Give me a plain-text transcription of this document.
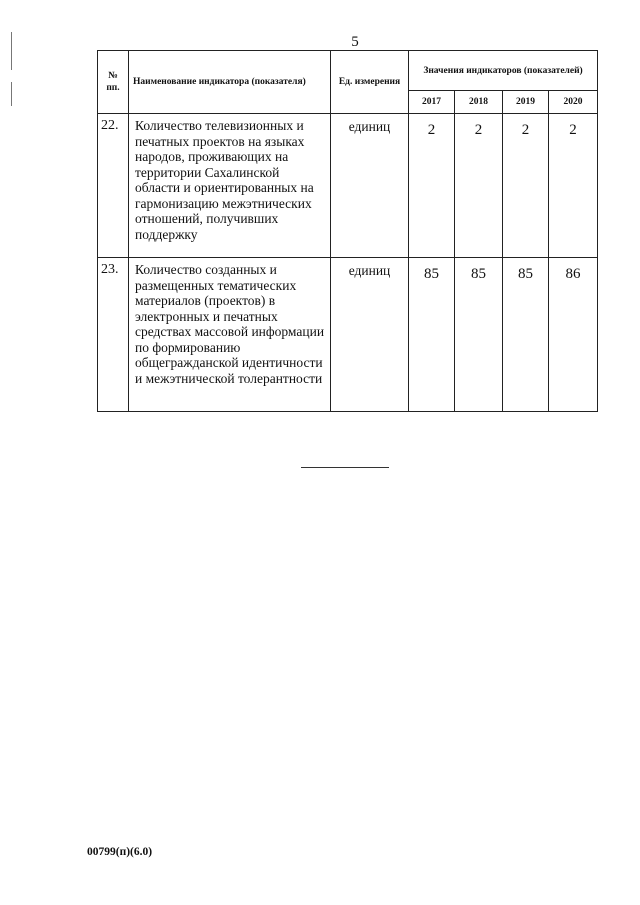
5
№
пп.	Наименование индикатора (показателя)	Ед. измерения	Значения индикаторов (показателей)			
			2017	2018	2019	2020
22.	Количество телевизионных и печатных проектов на языках народов, проживающих на территории Сахалинской области и ориентированных на гармонизацию межэтнических отношений, получивших поддержку	единиц	2	2	2	2
23.	Количество созданных и размещенных тематических материалов (проектов) в электронных и печатных средствах массовой информации по формированию общегражданской идентичности и межэтнической толерантности	единиц	85	85	85	86
00799(п)(6.0)
